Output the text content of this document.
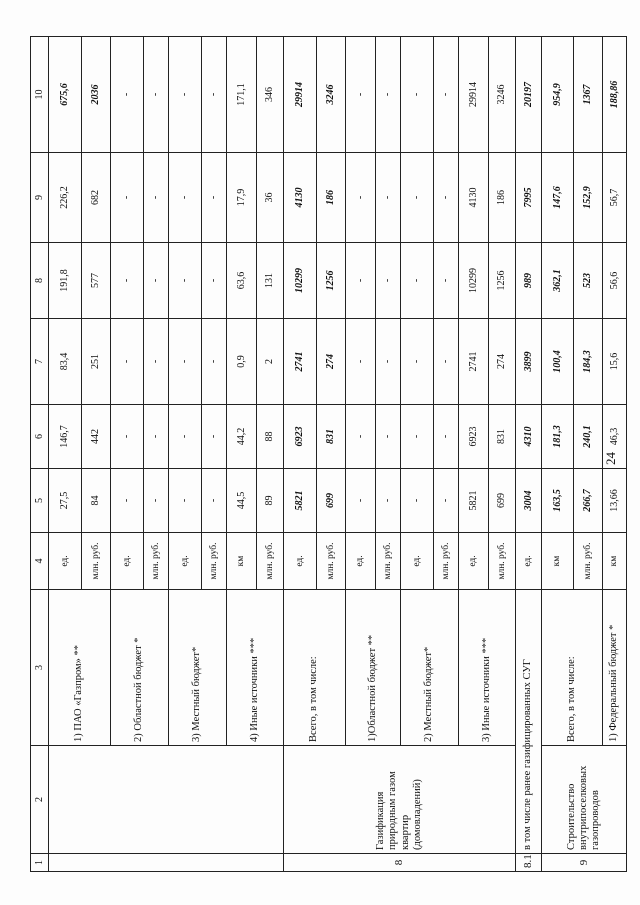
1	2	3	4	5	6	7	8	9	10
		1) ПАО «Газпром» **	ед.	27,5	146,7	83,4	191,8	226,2	675,6
			млн. руб.	84	442	251	577	682	2036
		2) Областной бюджет *	ед.	-	-	-	-	-	-
			млн. руб.	-	-	-	-	-	-
		3) Местный бюджет*	ед.	-	-	-	-	-	-
			млн. руб.	-	-	-	-	-	-
		4) Иные источники ***	км	44,5	44,2	0,9	63,6	17,9	171,1
			млн. руб.	89	88	2	131	36	346
8	Газификация природным газом квартир (домовладений)	Всего, в том числе:	ед.	5821	6923	2741	10299	4130	29914
			млн. руб.	699	831	274	1256	186	3246
		1)Областной бюджет **	ед.	-	-	-	-	-	-
			млн. руб.	-	-	-	-	-	-
		2) Местный бюджет*	ед.	-	-	-	-	-	-
			млн. руб.	-	-	-	-	-	-
		3) Иные источники ***	ед.	5821	6923	2741	10299	4130	29914
			млн. руб.	699	831	274	1256	186	3246
8.1	в том числе ранее газифицированных СУГ		ед.	3004	4310	3899	989	7995	20197
9	Строительство внутрипоселковых газопроводов	Всего, в том числе:	км	163,5	181,3	100,4	362,1	147,6	954,9
			млн. руб.	266,7	240,1	184,3	523	152,9	1367
		1) Федеральный бюджет *	км	13,66	46,3	15,6	56,6	56,7	188,86
24
